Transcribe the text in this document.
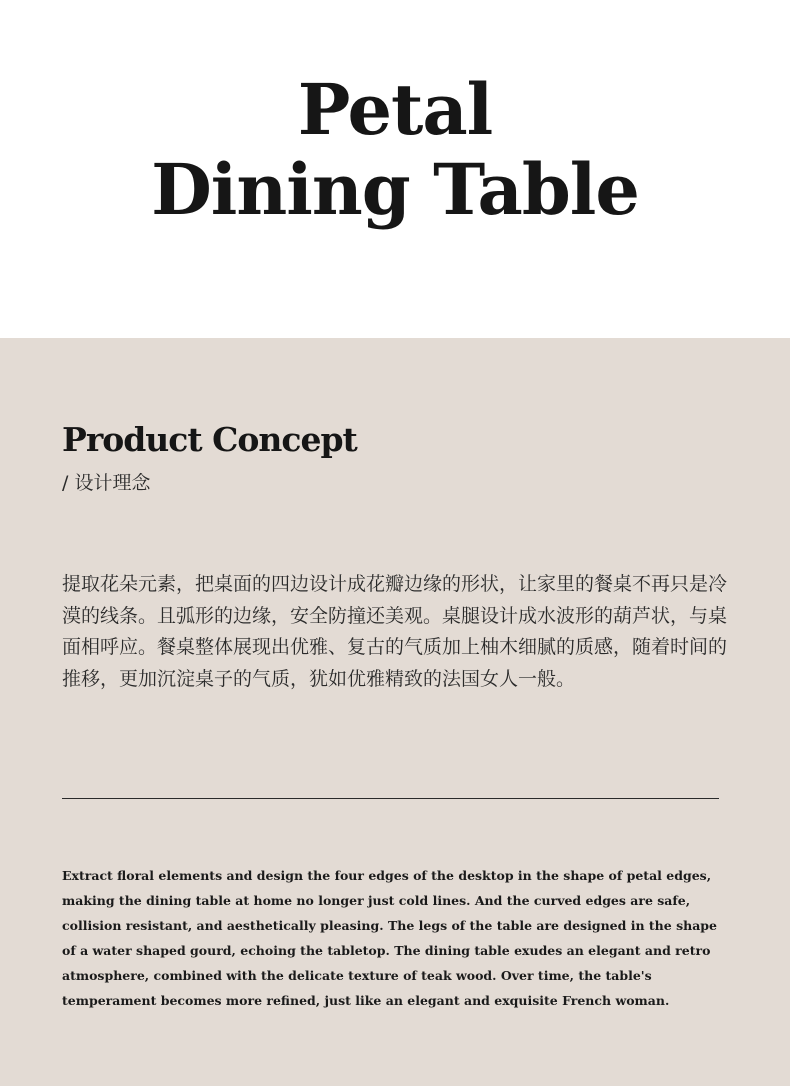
Petal
Dining Table
Product Concept
/ 设计理念

提取花朵元素，把桌面的四边设计成花瓣边缘的形状，让家里的餐桌不再只是冷漠的线条。且弧形的边缘，安全防撞还美观。桌腿设计成水波形的葫芦状，与桌面相呼应。餐桌整体展现出优雅、复古的气质加上柚木细腻的质感，随着时间的推移，更加沉淀桌子的气质，犹如优雅精致的法国女人一般。

Extract floral elements and design the four edges of the desktop in the shape of petal edges, making the dining table at home no longer just cold lines. And the curved edges are safe, collision resistant, and aesthetically pleasing. The legs of the table are designed in the shape of a water shaped gourd, echoing the tabletop. The dining table exudes an elegant and retro atmosphere, combined with the delicate texture of teak wood. Over time, the table's temperament becomes more refined, just like an elegant and exquisite French woman.
